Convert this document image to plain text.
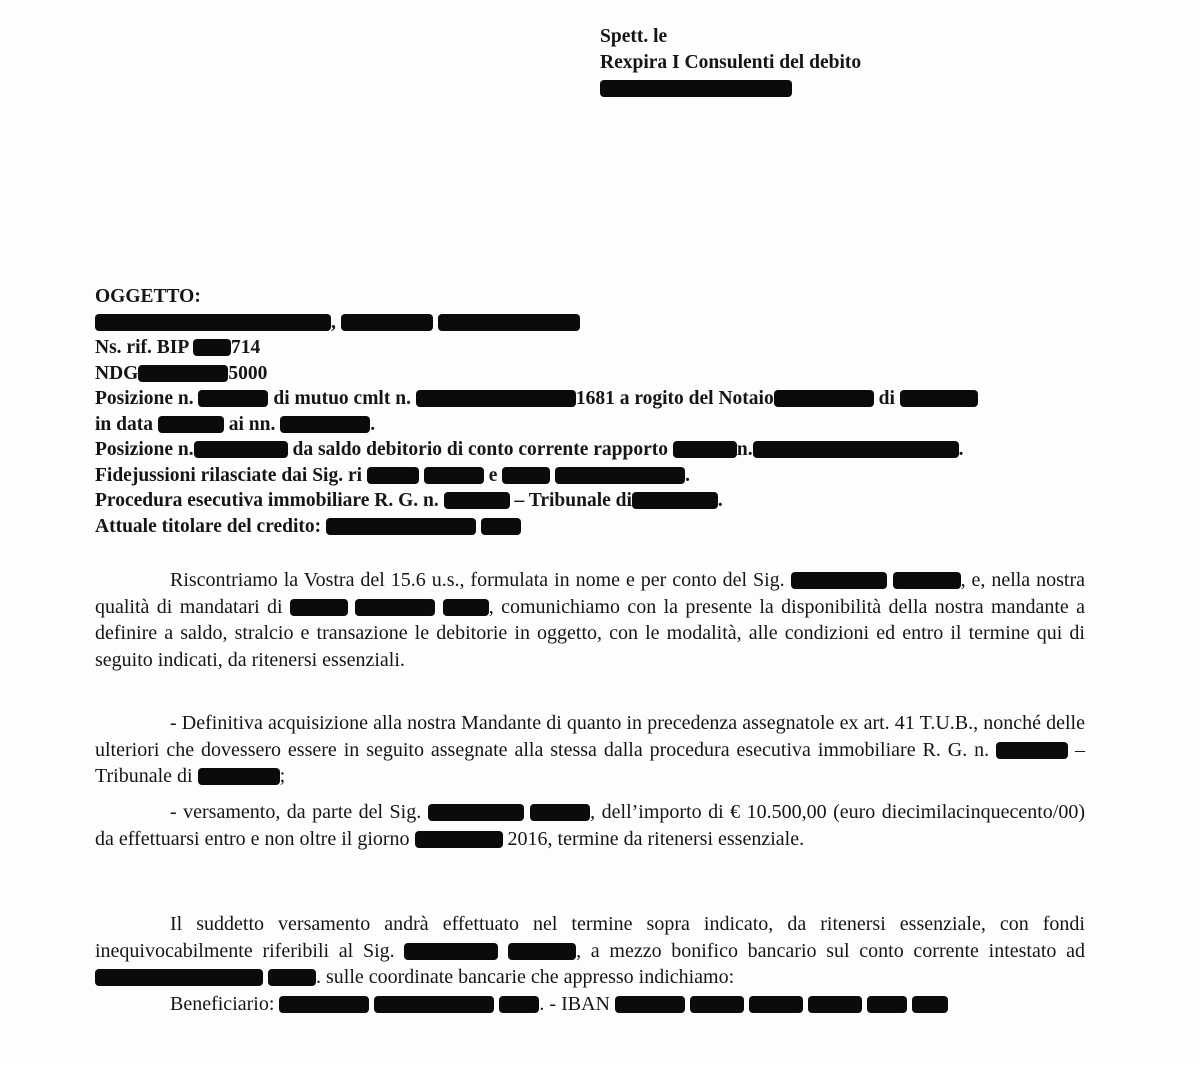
Spett. le
Rexpira I Consulenti del debito
OGGETTO:
,
Ns. rif. BIP 714
NDG	5000
Posizione n.	di mutuo cmlt n.	1681 a rogito del Notaio	di
in data	ai nn.	.
Posizione n.	da saldo debitorio di conto corrente rapporto	n.	.
Fidejussioni rilasciate dai Sig. ri	e	.
Procedura esecutiva immobiliare R. G. n.	– Tribunale di	.
Attuale titolare del credito:
Riscontriamo la Vostra del 15.6 u.s., formulata in nome e per conto del Sig.	, e, nella nostra qualità di mandatari di	, comunichiamo con la presente la disponibilità della nostra mandante a definire a saldo, stralcio e transazione le debitorie in oggetto, con le modalità, alle condizioni ed entro il termine qui di seguito indicati, da ritenersi essenziali.
- Definitiva acquisizione alla nostra Mandante di quanto in precedenza assegnatole ex art. 41 T.U.B., nonché delle ulteriori che dovessero essere in seguito assegnate alla stessa dalla procedura esecutiva immobiliare R. G. n.	– Tribunale di	;
- versamento, da parte del Sig.	, dell’importo di € 10.500,00 (euro diecimilacinquecento/00) da effettuarsi entro e non oltre il giorno	2016, termine da ritenersi essenziale.
Il suddetto versamento andrà effettuato nel termine sopra indicato, da ritenersi essenziale, con fondi inequivocabilmente riferibili al Sig.	, a mezzo bonifico bancario sul conto corrente intestato ad  . sulle coordinate bancarie che appresso indichiamo:
Beneficiario:	. - IBAN
